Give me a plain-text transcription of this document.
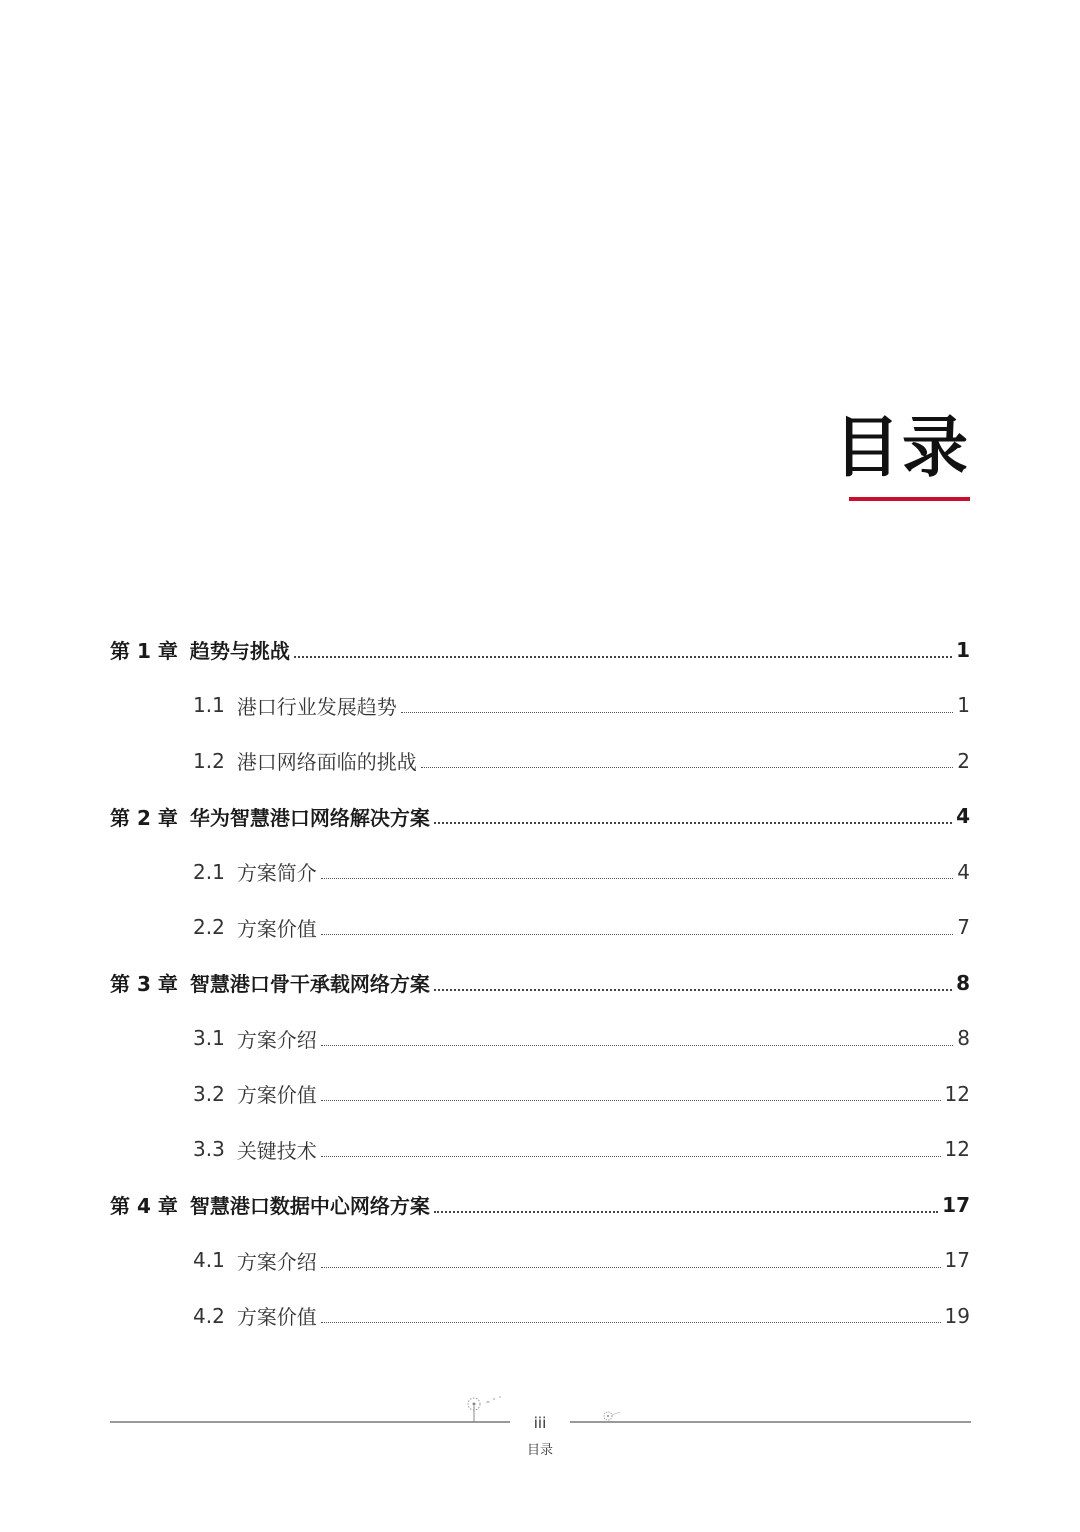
目录
第 1 章 趋势与挑战	1
1.1 港口行业发展趋势	1
1.2 港口网络面临的挑战	2
第 2 章 华为智慧港口网络解决方案	4
2.1 方案简介	4
2.2 方案价值	7
第 3 章 智慧港口骨干承载网络方案	8
3.1 方案介绍	8
3.2 方案价值	12
3.3 关键技术	12
第 4 章 智慧港口数据中心网络方案	17
4.1 方案介绍	17
4.2 方案价值	19
iii
目录
